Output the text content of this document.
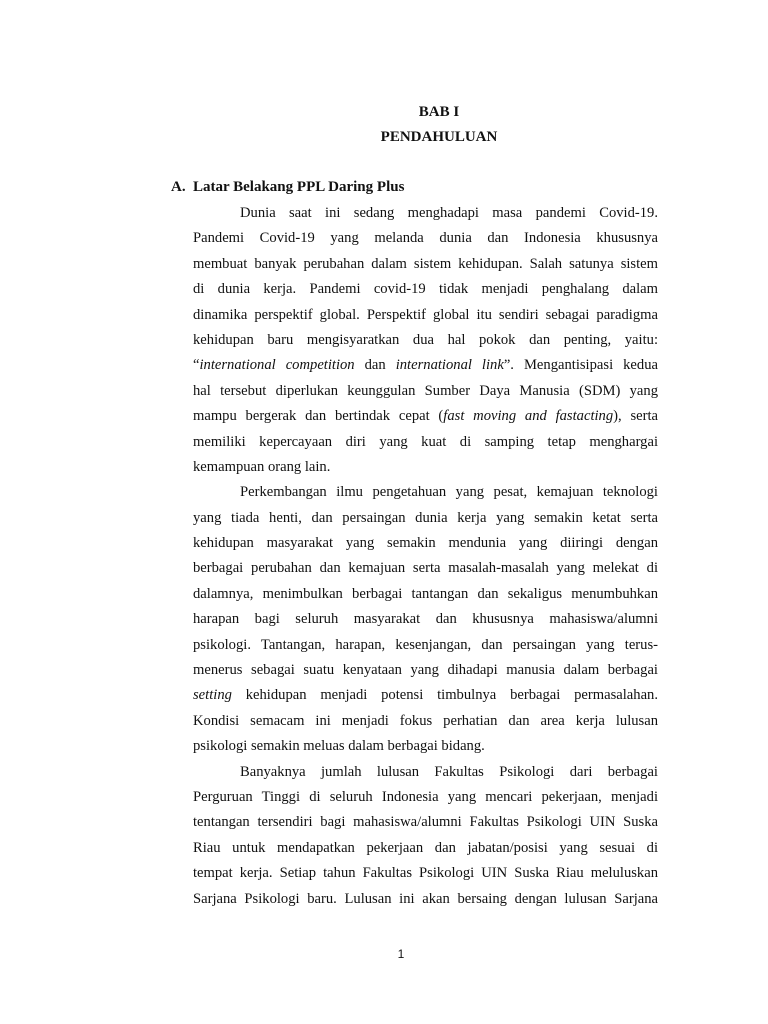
BAB I
PENDAHULUAN
A. Latar Belakang PPL Daring Plus
Dunia saat ini sedang menghadapi masa pandemi Covid-19.
Pandemi Covid-19 yang melanda dunia dan Indonesia khususnya
membuat banyak perubahan dalam sistem kehidupan. Salah satunya sistem
di dunia kerja. Pandemi covid-19 tidak menjadi penghalang dalam
dinamika perspektif global. Perspektif global itu sendiri sebagai paradigma
kehidupan baru mengisyaratkan dua hal pokok dan penting, yaitu:
“international competition dan international link”. Mengantisipasi kedua
hal tersebut diperlukan keunggulan Sumber Daya Manusia (SDM) yang
mampu bergerak dan bertindak cepat (fast moving and fastacting), serta
memiliki kepercayaan diri yang kuat di samping tetap menghargai
kemampuan orang lain.
Perkembangan ilmu pengetahuan yang pesat, kemajuan teknologi
yang tiada henti, dan persaingan dunia kerja yang semakin ketat serta
kehidupan masyarakat yang semakin mendunia yang diiringi dengan
berbagai perubahan dan kemajuan serta masalah-masalah yang melekat di
dalamnya, menimbulkan berbagai tantangan dan sekaligus menumbuhkan
harapan bagi seluruh masyarakat dan khususnya mahasiswa/alumni
psikologi. Tantangan, harapan, kesenjangan, dan persaingan yang terus-
menerus sebagai suatu kenyataan yang dihadapi manusia dalam berbagai
setting kehidupan menjadi potensi timbulnya berbagai permasalahan.
Kondisi semacam ini menjadi fokus perhatian dan area kerja lulusan
psikologi semakin meluas dalam berbagai bidang.
Banyaknya jumlah lulusan Fakultas Psikologi dari berbagai
Perguruan Tinggi di seluruh Indonesia yang mencari pekerjaan, menjadi
tentangan tersendiri bagi mahasiswa/alumni Fakultas Psikologi UIN Suska
Riau untuk mendapatkan pekerjaan dan jabatan/posisi yang sesuai di
tempat kerja. Setiap tahun Fakultas Psikologi UIN Suska Riau meluluskan
Sarjana Psikologi baru. Lulusan ini akan bersaing dengan lulusan Sarjana

1
